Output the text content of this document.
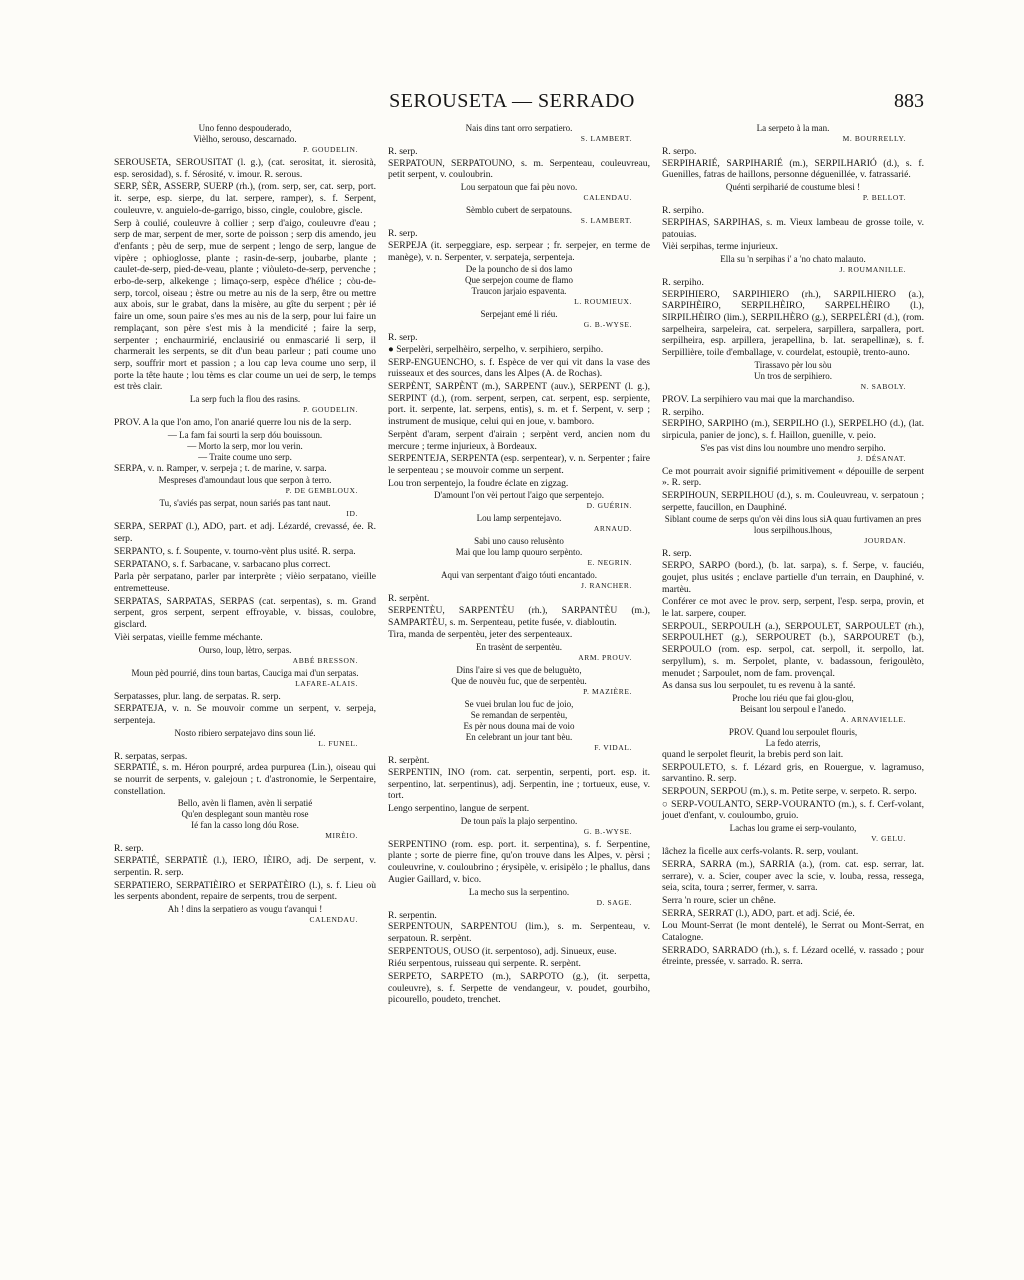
SEROUSETA — SERRADO	883

Uno fenno despouderado,

Vièlho, serouso, descarnado.

P. GOUDELIN.

SEROUSETA, SEROUSITAT (l. g.), (cat. serositat, it. sierosità, esp. serosidad), s. f. Sérosité, v. imour. R. serous.

SERP, SÈR, ASSERP, SUERP (rh.), (rom. serp, ser, cat. serp, port. it. serpe, esp. sierpe, du lat. serpere, ramper), s. f. Serpent, couleuvre, v. anguielo-de-garrigo, bisso, cingle, coulobre, giscle.

Serp à coulié, couleuvre à collier ; serp d'aigo, couleuvre d'eau ; serp de mar, serpent de mer, sorte de poisson ; serp dis amendo, jeu d'enfants ; pèu de serp, mue de serpent ; lengo de serp, langue de vipère ; ophioglosse, plante ; rasin-de-serp, joubarbe, plante ; caulet-de-serp, pied-de-veau, plante ; viòuleto-de-serp, pervenche ; erbo-de-serp, alkekenge ; limaço-serp, espèce d'hélice ; còu-de-serp, torcol, oiseau ; èstre ou metre au nis de la serp, être ou mettre aux abois, sur le grabat, dans la misère, au gîte du serpent ; pèr ié faire un ome, soun paire s'es mes au nis de la serp, pour lui faire un remplaçant, son père s'est mis à la mendicité ; faire la serp, serpenter ; enchaurmirié, enclausirié ou enmascarié li serp, il charmerait les serpents, se dit d'un beau parleur ; pati coume uno serp, souffrir mort et passion ; a lou cap leva coume uno serp, il porte la tête haute ; lou tèms es clar coume un uei de serp, le temps est très clair.

La serp fuch la flou des rasins.

P. GOUDELIN.

PROV. A la que l'on amo, l'on anarié querre lou nis de la serp.

— La fam fai sourti la serp dóu bouissoun.

— Morto la serp, mor lou verin.

— Traite coume uno serp.

SERPA, v. n. Ramper, v. serpeja ; t. de marine, v. sarpa.

Mespreses d'amoundaut lous que serpon à terro.

P. DE GEMBLOUX.

Tu, s'aviés pas serpat, noun sariés pas tant naut.

ID.

SERPA, SERPAT (l.), ADO, part. et adj. Lézardé, crevassé, ée. R. serp.

SERPANTO, s. f. Soupente, v. tourno-vènt plus usité. R. serpa.

SERPATANO, s. f. Sarbacane, v. sarbacano plus correct.

Parla pèr serpatano, parler par interprète ; vièio serpatano, vieille entremetteuse.

SERPATAS, SARPATAS, SERPAS (cat. serpentas), s. m. Grand serpent, gros serpent, serpent effroyable, v. bissas, coulobre, gisclard.

Vièi serpatas, vieille femme méchante.

Ourso, loup, lètro, serpas.

ABBÉ BRESSON.

Moun pèd pourrié, dins toun bartas, Cauciga mai d'un serpatas.

LAFARE-ALAIS.

Serpatasses, plur. lang. de serpatas. R. serp.

SERPATEJA, v. n. Se mouvoir comme un serpent, v. serpeja, serpenteja.

Nosto ribiero serpatejavo dins soun lié.

L. FUNEL.

R. serpatas, serpas.

SERPATIÉ, s. m. Héron pourpré, ardea purpurea (Lin.), oiseau qui se nourrit de serpents, v. galejoun ; t. d'astronomie, le Serpentaire, constellation.

Bello, avèn li flamen, avèn li serpatié

Qu'en desplegant soun mantèu rose

Ié fan la casso long dóu Rose.

MIRÈIO.

R. serp.

SERPATIÉ, SERPATIÈ (l.), IERO, IÈIRO, adj. De serpent, v. serpentin. R. serp.

SERPATIERO, SERPATIÈIRO et SERPATÈIRO (l.), s. f. Lieu où les serpents abondent, repaire de serpents, trou de serpent.

Ah ! dins la serpatiero as vougu t'avanqui !

CALENDAU.

Nais dins tant orro serpatiero.

S. LAMBERT.

R. serp.

SERPATOUN, SERPATOUNO, s. m. Serpenteau, couleuvreau, petit serpent, v. couloubrin.

Lou serpatoun que fai pèu novo.

CALENDAU.

Sèmblo cubert de serpatouns.

S. LAMBERT.

R. serp.

SERPEJA (it. serpeggiare, esp. serpear ; fr. serpejer, en terme de manège), v. n. Serpenter, v. serpateja, serpenteja.

De la pouncho de si dos lamo

Que serpejon coume de flamo

Traucon jarjaio espaventa.

L. ROUMIEUX.

Serpejant emé li riéu.

G. B.-WYSE.

R. serp.

● Serpelèri, serpelhèiro, serpelho, v. serpihiero, serpiho.

SERP-ENGUENCHO, s. f. Espèce de ver qui vit dans la vase des ruisseaux et des sources, dans les Alpes (A. de Rochas).

SERPÈNT, SARPÈNT (m.), SARPENT (auv.), SERPENT (l. g.), SERPINT (d.), (rom. serpent, serpen, cat. serpent, esp. serpiente, port. it. serpente, lat. serpens, entis), s. m. et f. Serpent, v. serp ; instrument de musique, celui qui en joue, v. bamboro.

Serpènt d'aram, serpent d'airain ; serpènt verd, ancien nom du mercure ; terme injurieux, à Bordeaux.

SERPENTEJA, SERPENTA (esp. serpentear), v. n. Serpenter ; faire le serpenteau ; se mouvoir comme un serpent.

Lou tron serpentejo, la foudre éclate en zigzag.

D'amount l'on vèi pertout l'aigo que serpentejo.

D. GUÉRIN.

Lou lamp serpentejavo.

ARNAUD.

Sabi uno causo relusènto

Mai que lou lamp quouro serpènto.

E. NEGRIN.

Aqui van serpentant d'aigo tóuti encantado.

J. RANCHER.

R. serpènt.

SERPENTÈU, SARPENTÈU (rh.), SARPANTÈU (m.), SAMPARTÈU, s. m. Serpenteau, petite fusée, v. diabloutin.

Tira, manda de serpentèu, jeter des serpenteaux.

En trasènt de serpentèu.

ARM. PROUV.

Dins l'aire si ves que de beluguèto,

Que de nouvèu fuc, que de serpentèu.

P. MAZIÈRE.

Se vuei brulan lou fuc de joio,

Se remandan de serpentèu,

Es pèr nous douna mai de voio

En celebrant un jour tant bèu.

F. VIDAL.

R. serpènt.

SERPENTIN, INO (rom. cat. serpentin, serpenti, port. esp. it. serpentino, lat. serpentinus), adj. Serpentin, ine ; tortueux, euse, v. tort.

Lengo serpentino, langue de serpent.

De toun païs la plajo serpentino.

G. B.-WYSE.

SERPENTINO (rom. esp. port. it. serpentina), s. f. Serpentine, plante ; sorte de pierre fine, qu'on trouve dans les Alpes, v. pèrsi ; couleuvrine, v. couloubrino ; érysipèle, v. erisipèlo ; le phallus, dans Augier Gaillard, v. bico.

La mecho sus la serpentino.

D. SAGE.

R. serpentin.

SERPENTOUN, SARPENTOU (lim.), s. m. Serpenteau, v. serpatoun. R. serpènt.

SERPENTOUS, OUSO (it. serpentoso), adj. Sinueux, euse.

Riéu serpentous, ruisseau qui serpente. R. serpènt.

SERPETO, SARPETO (m.), SARPOTO (g.), (it. serpetta, couleuvre), s. f. Serpette de vendangeur, v. poudet, gourbiho, picourello, poudeto, trenchet.

La serpeto à la man.

M. BOURRELLY.

R. serpo.

SERPIHARIÉ, SARPIHARIÉ (m.), SERPILHARIÓ (d.), s. f. Guenilles, fatras de haillons, personne déguenillée, v. fatrassarié.

Quénti serpiharié de coustume blesi !

P. BELLOT.

R. serpiho.

SERPIHAS, SARPIHAS, s. m. Vieux lambeau de grosse toile, v. patouias.

Vièi serpihas, terme injurieux.

Ella su 'n serpihas i' a 'no chato malauto.

J. ROUMANILLE.

R. serpiho.

SERPIHIERO, SARPIHIERO (rh.), SARPILHIERO (a.), SARPIHÈIRO, SERPILHÈIRO, SARPELHÈIRO (l.), SIRPILHÈIRO (lim.), SERPILHÈRO (g.), SERPELÈRI (d.), (rom. sarpelheira, sarpeleira, cat. serpelera, sarpillera, sarpallera, port. serpilheira, esp. arpillera, jerapellina, b. lat. serapellinæ), s. f. Serpillière, toile d'emballage, v. courdelat, estoupiè, trento-auno.

Tirassavo pèr lou sòu

Un tros de serpihiero.

N. SABOLY.

PROV. La serpihiero vau mai que la marchandiso.

R. serpiho.

SERPIHO, SARPIHO (m.), SERPILHO (l.), SERPELHO (d.), (lat. sirpicula, panier de jonc), s. f. Haillon, guenille, v. peio.

S'es pas vist dins lou noumbre uno mendro serpiho.

J. DÉSANAT.

Ce mot pourrait avoir signifié primitivement « dépouille de serpent ». R. serp.

SERPIHOUN, SERPILHOU (d.), s. m. Couleuvreau, v. serpatoun ; serpette, faucillon, en Dauphiné.

Siblant coume de serps qu'on vèi dins lous siA quau furtivamen an pres lous serpilhous.lhous,

JOURDAN.

R. serp.

SERPO, SARPO (bord.), (b. lat. sarpa), s. f. Serpe, v. fauciéu, goujet, plus usités ; enclave partielle d'un terrain, en Dauphiné, v. martèu.

Conférer ce mot avec le prov. serp, serpent, l'esp. serpa, provin, et le lat. sarpere, couper.

SERPOUL, SERPOULH (a.), SERPOULET, SARPOULET (rh.), SERPOULHET (g.), SERPOURET (b.), SARPOURET (b.), SERPOULO (rom. esp. serpol, cat. serpoll, it. serpollo, lat. serpyllum), s. m. Serpolet, plante, v. badassoun, ferigoulèto, menudet ; Sarpoulet, nom de fam. provençal.

As dansa sus lou serpoulet, tu es revenu à la santé.

Proche lou riéu que fai glou-glou,

Beisant lou serpoul e l'anedo.

A. ARNAVIELLE.

PROV. Quand lou serpoulet flouris,

La fedo aterris,

quand le serpolet fleurit, la brebis perd son lait.

SERPOULETO, s. f. Lézard gris, en Rouergue, v. lagramuso, sarvantino. R. serp.

SERPOUN, SERPOU (m.), s. m. Petite serpe, v. serpeto. R. serpo.

○ SERP-VOULANTO, SERP-VOURANTO (m.), s. f. Cerf-volant, jouet d'enfant, v. couloumbo, gruio.

Lachas lou grame ei serp-voulanto,

V. GELU.

lâchez la ficelle aux cerfs-volants. R. serp, voulant.

SERRA, SARRA (m.), SARRIA (a.), (rom. cat. esp. serrar, lat. serrare), v. a. Scier, couper avec la scie, v. louba, ressa, ressega, seia, scita, toura ; serrer, fermer, v. sarra.

Serra 'n roure, scier un chêne.

SERRA, SERRAT (l.), ADO, part. et adj. Scié, ée.

Lou Mount-Serrat (le mont dentelé), le Serrat ou Mont-Serrat, en Catalogne.

SERRADO, SARRADO (rh.), s. f. Lézard ocellé, v. rassado ; pour étreinte, pressée, v. sarrado. R. serra.
